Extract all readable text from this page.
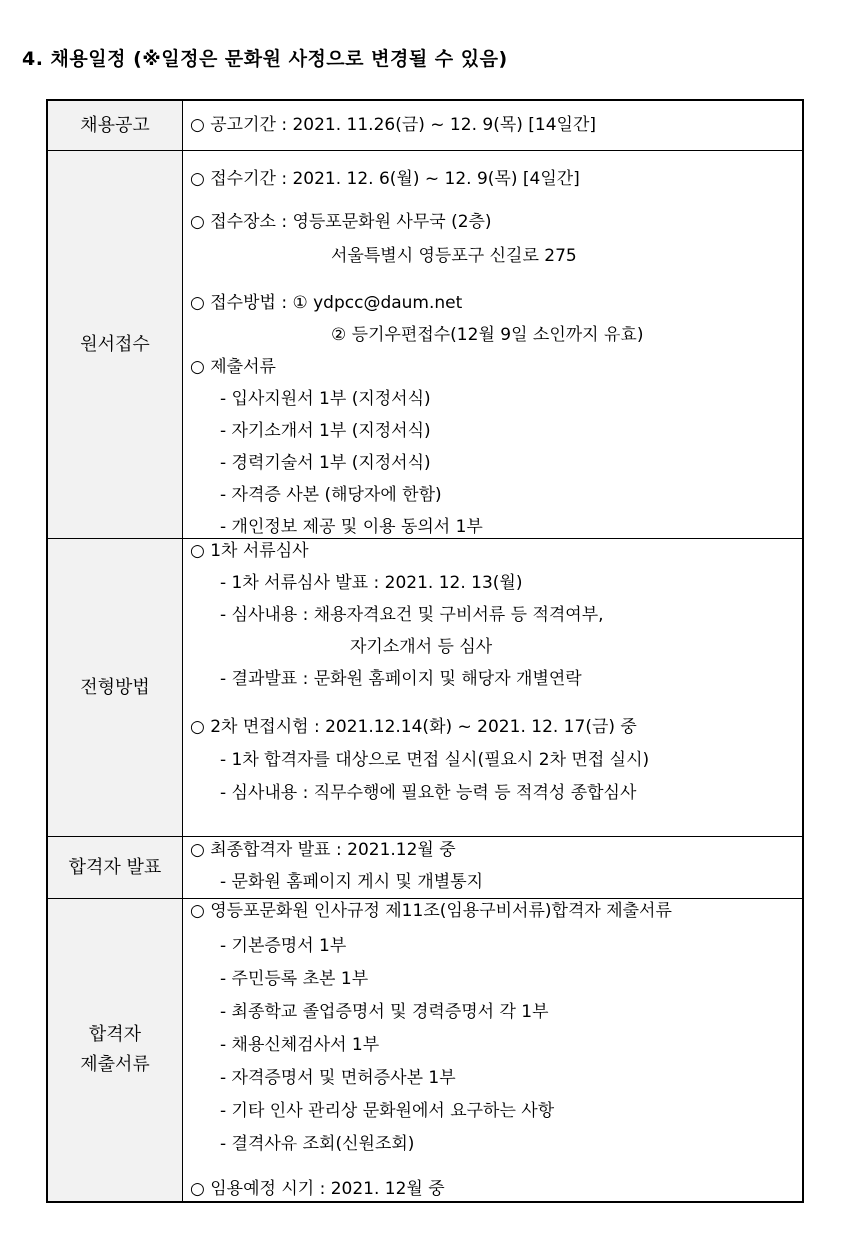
4. 채용일정 (※일정은 문화원 사정으로 변경될 수 있음)
채용공고 ○ 공고기간 : 2021. 11.26(금) ~ 12. 9(목) [14일간]
원서접수
○ 접수기간 : 2021. 12. 6(월) ~ 12. 9(목) [4일간]
○ 접수장소 : 영등포문화원 사무국 (2층)
서울특별시 영등포구 신길로 275
○ 접수방법 : ① ydpcc@daum.net
② 등기우편접수(12월 9일 소인까지 유효)
○ 제출서류
- 입사지원서 1부 (지정서식)
- 자기소개서 1부 (지정서식)
- 경력기술서 1부 (지정서식)
- 자격증 사본 (해당자에 한함)
- 개인정보 제공 및 이용 동의서 1부
전형방법
○ 1차 서류심사
- 1차 서류심사 발표 : 2021. 12. 13(월)
- 심사내용 : 채용자격요건 및 구비서류 등 적격여부,
자기소개서 등 심사
- 결과발표 : 문화원 홈페이지 및 해당자 개별연락
○ 2차 면접시험 : 2021.12.14(화) ~ 2021. 12. 17(금) 중
- 1차 합격자를 대상으로 면접 실시(필요시 2차 면접 실시)
- 심사내용 : 직무수행에 필요한 능력 등 적격성 종합심사
합격자 발표
○ 최종합격자 발표 : 2021.12월 중
- 문화원 홈페이지 게시 및 개별통지
합격자
제출서류
○ 영등포문화원 인사규정 제11조(임용구비서류)합격자 제출서류
- 기본증명서 1부
- 주민등록 초본 1부
- 최종학교 졸업증명서 및 경력증명서 각 1부
- 채용신체검사서 1부
- 자격증명서 및 면허증사본 1부
- 기타 인사 관리상 문화원에서 요구하는 사항
- 결격사유 조회(신원조회)
○ 임용예정 시기 : 2021. 12월 중
